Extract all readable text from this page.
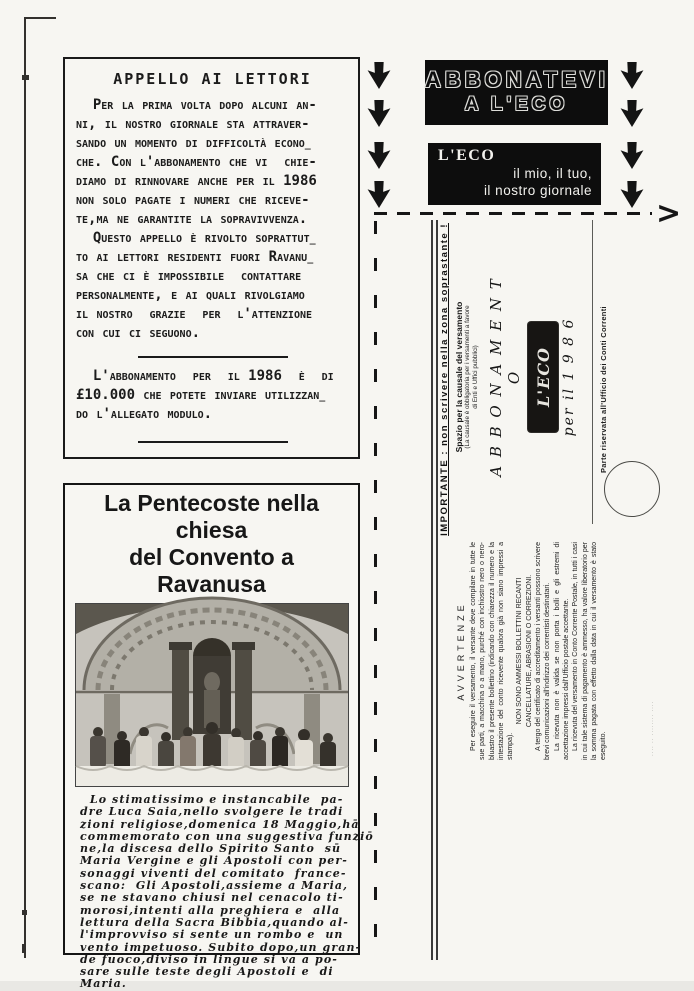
APPELLO AI LETTORI
Per la prima volta dopo alcuni an-
ni, il nostro giornale sta attraver-
sando un momento di difficoltà econo̲
che. Con l'abbonamento che vi  chie-
diamo di rinnovare anche per il 1986
non solo pagate i numeri che riceve-
te,ma ne garantite la sopravivvenza.
Questo appello è rivolto soprattut̲
to ai lettori residenti fuori Ravanu̲
sa che ci è impossibile  contattare
personalmente, e ai quali rivolgiamo
il nostro  grazie  per  l'attenzione
con cui ci seguono.
L'abbonamento  per  il 1986  è  di
£10.000 che potete inviare utilizzan̲
do l'allegato modulo.
ABBONATEVI
A L'ECO
L'ECO
il mio, il tuo,
il nostro giornale
>
La Pentecoste nella chiesa
del Convento a Ravanusa
Lo stimatissimo e instancabile  pa-
dre Luca Saia,nello svolgere le tradi
zioni religiose,domenica 18 Maggio,hā
commemorato con una suggestiva funziō
ne,la discesa dello Spirito Santo  sū
Maria Vergine e gli Apostoli con per-
sonaggi viventi del comitato  france-
scano:  Gli Apostoli,assieme a Maria,
se ne stavano chiusi nel cenacolo ti-
morosi,intenti alla preghiera e  alla
lettura della Sacra Bibbia,quando al-
l'improvviso si sente un rombo e  un
vento impetuoso. Subito dopo,un gran-
de fuoco,diviso in lingue si va a po-
sare sulle teste degli Apostoli e  di
Maria.
IMPORTANTE : non scrivere nella zona soprastante !
AVVERTENZE Per eseguire il versamento, il versante deve compilare in tutte le sue parti, a macchina o a mano, purché con inchiostro nero o nero-bluastro il presente bollettino (indicando con chiarezza il numero e la intestazione del conto ricevente qualora già non siano impressi a stampa).

NON SONO AMMESSI BOLLETTINI RECANTI CANCELLATURE, ABRASIONI O CORREZIONI. A tergo del certificato di accreditamento i versanti possono scrivere brevi comunicazioni all'indirizzo dei correntisti destinatari. La ricevuta non è valida se non porta i bolli e gli estremi di accettazione impressi dall'Ufficio postale accettante. La ricevuta del versamento in Conto Corrente Postale, in tutti i casi in cui tale sistema di pagamento è ammesso, ha valore liberatorio per la somma pagata con effetto dalla data in cui il versamento è stato eseguito.	···· ·· ········ ····
Spazio per la causale del versamento (La causale è obbligatoria per i versamenti a favore di Enti e Uffici pubblici) A B B O N A M E N T O L'ECO per il 1 9 8 6	Parte riservata all'Ufficio dei Conti Correnti
